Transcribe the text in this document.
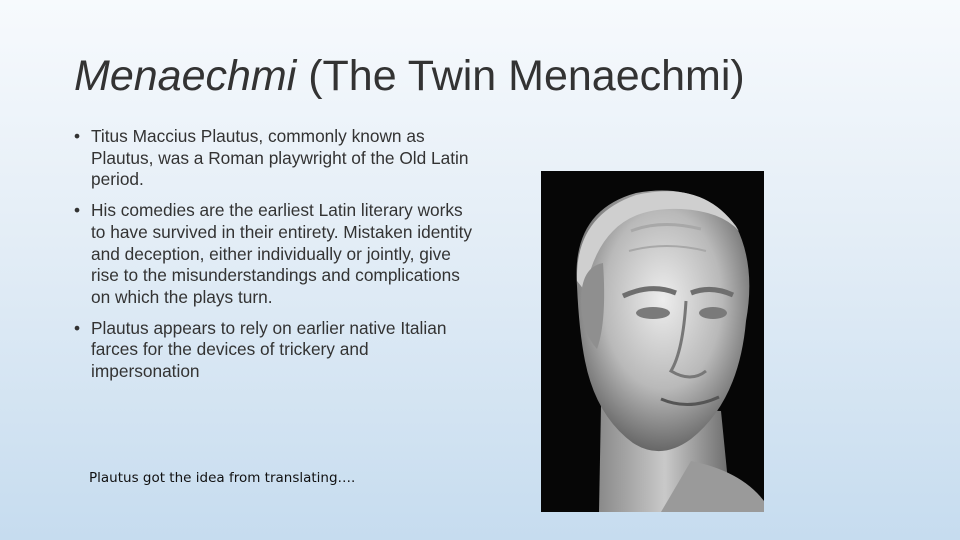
Menaechmi (The Twin Menaechmi)
• Titus Maccius Plautus, commonly known as Plautus, was a Roman playwright of the Old Latin period.
• His comedies are the earliest Latin literary works to have survived in their entirety. Mistaken identity and deception, either individually or jointly, give rise to the misunderstandings and complications on which the plays turn.
• Plautus appears to rely on earlier native Italian farces for the devices of trickery and impersonation

Plautus got the idea from translating….
